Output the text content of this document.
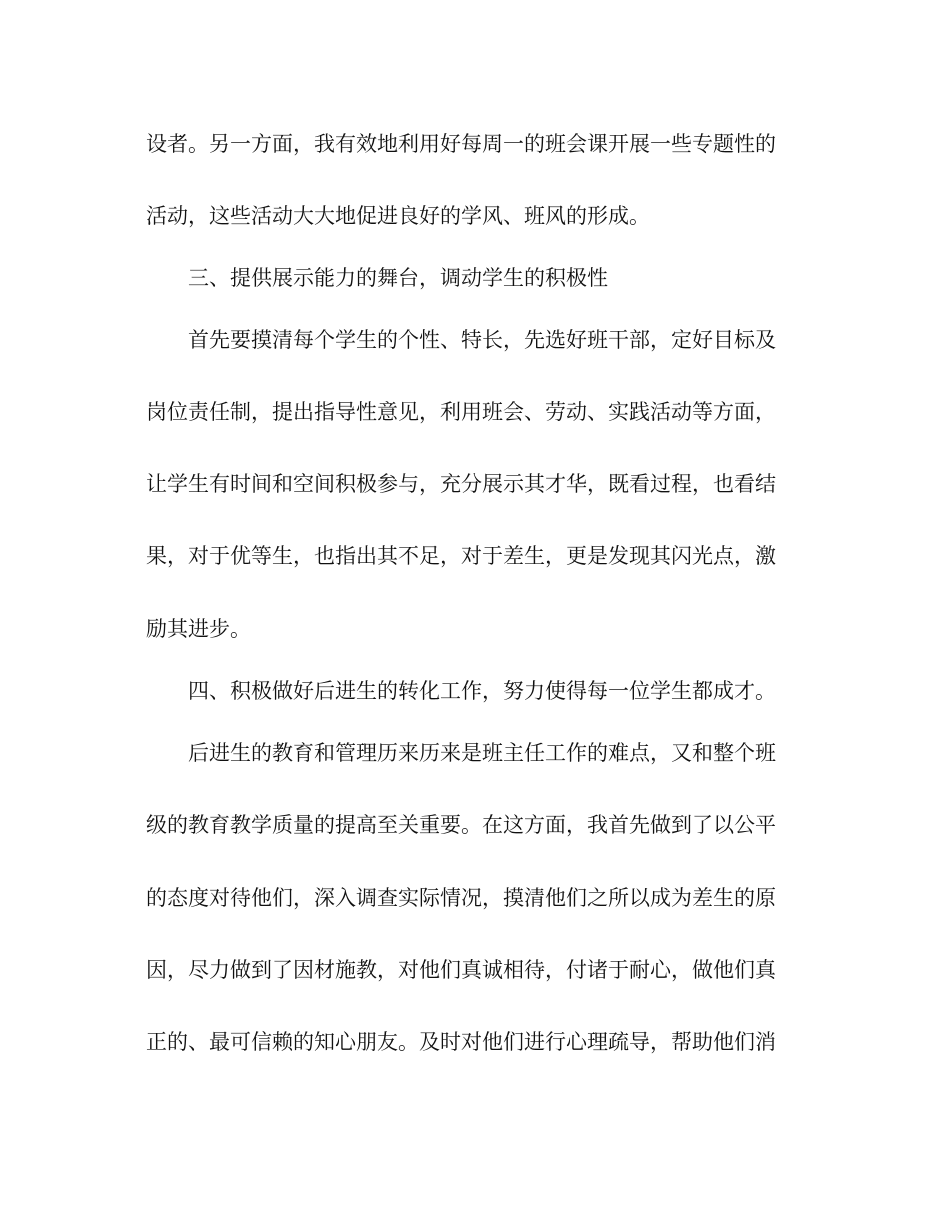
设者。另一方面，我有效地利用好每周一的班会课开展一些专题性的
活动，这些活动大大地促进良好的学风、班风的形成。
三、提供展示能力的舞台，调动学生的积极性
首先要摸清每个学生的个性、特长，先选好班干部，定好目标及
岗位责任制，提出指导性意见，利用班会、劳动、实践活动等方面，
让学生有时间和空间积极参与，充分展示其才华，既看过程，也看结
果，对于优等生，也指出其不足，对于差生，更是发现其闪光点，激
励其进步。
四、积极做好后进生的转化工作，努力使得每一位学生都成才。
后进生的教育和管理历来历来是班主任工作的难点，又和整个班
级的教育教学质量的提高至关重要。在这方面，我首先做到了以公平
的态度对待他们，深入调查实际情况，摸清他们之所以成为差生的原
因，尽力做到了因材施教，对他们真诚相待，付诸于耐心，做他们真
正的、最可信赖的知心朋友。及时对他们进行心理疏导，帮助他们消
